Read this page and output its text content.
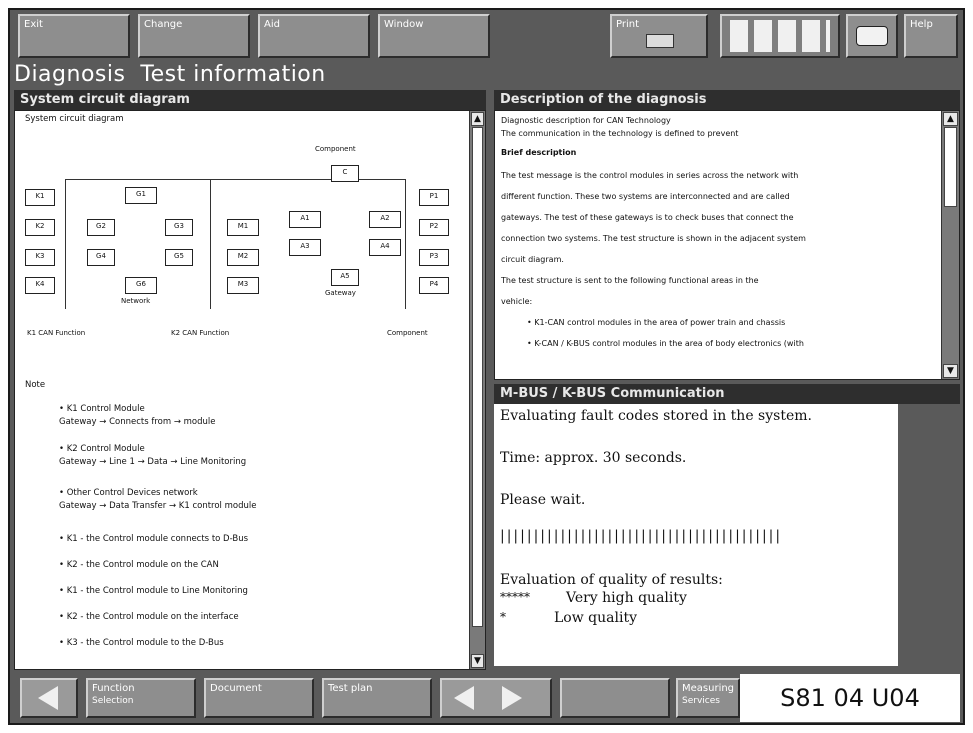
Exit	Change	Aid	Window	Print	Help
Diagnosis  Test information
System circuit diagram
System circuit diagram
Component
K1
K2
K3
K4
G1
G2	G3
G4	G5
G6
Network
M1
M2
M3
C
A1	A2
A3	A4
A5
Gateway
P1
P2
P3
P4
K1 CAN Function	K2 CAN Function	Component
Note
• K1 Control Module
Gateway → Connects from → module
• K2 Control Module
Gateway → Line 1 → Data → Line Monitoring
• Other Control Devices network
Gateway → Data Transfer → K1 control module
• K1 - the Control module connects to D-Bus
• K2 - the Control module on the CAN
• K1 - the Control module to Line Monitoring
• K2 - the Control module on the interface
• K3 - the Control module to the D-Bus
▲
▼
Description of the diagnosis
Diagnostic description for CAN Technology
The communication in the technology is defined to prevent
Brief description
The test message is the control modules in series across the network with
different function. These two systems are interconnected and are called
gateways. The test of these gateways is to check buses that connect the
connection two systems. The test structure is shown in the adjacent system
circuit diagram.
The test structure is sent to the following functional areas in the
vehicle:
• K1-CAN control modules in the area of power train and chassis
• K-CAN / K-BUS control modules in the area of body electronics (with
▲
▼
M-BUS / K-BUS Communication
Evaluating fault codes stored in the system.
Time: approx. 30 seconds.
Please wait.
||||||||||||||||||||||||||||||||||||||||||
Evaluation of quality of results:
*****	Very high quality
*	Low quality
Function
Selection
Document	Test plan	Measuring
Services	S81 04 U04
